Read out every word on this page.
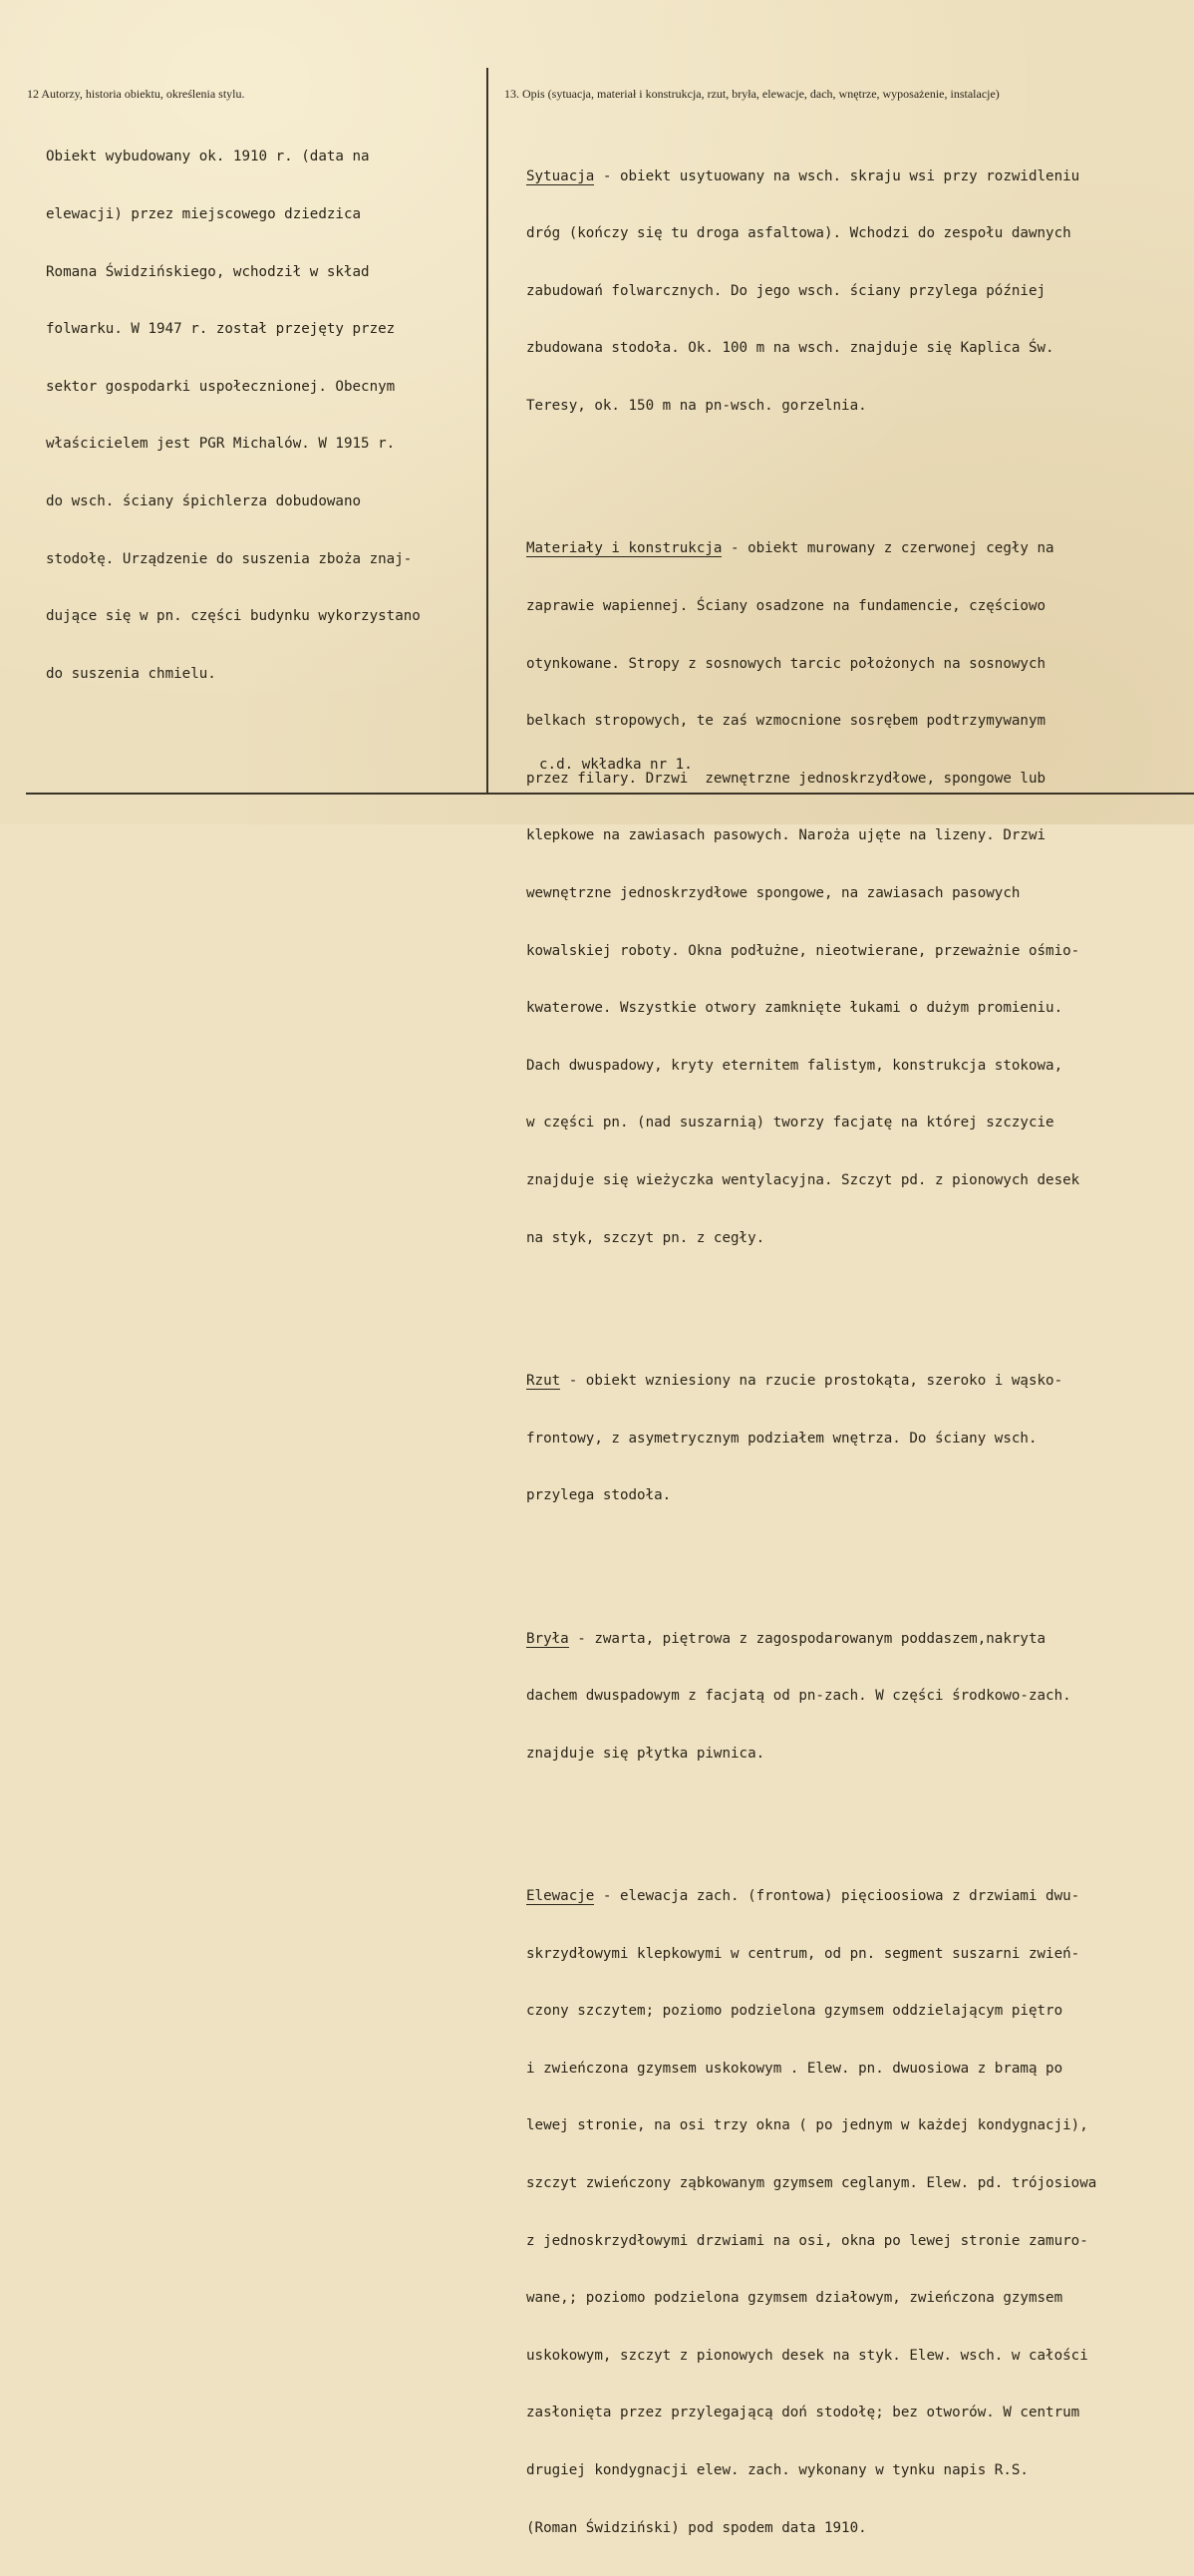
12 Autorzy, historia obiektu, określenia stylu.	13. Opis (sytuacja, materiał i konstrukcja, rzut, bryła, elewacje, dach, wnętrze, wyposażenie, instalacje)

Obiekt wybudowany ok. 1910 r. (data na

elewacji) przez miejscowego dziedzica

Romana Świdzińskiego, wchodził w skład

folwarku. W 1947 r. został przejęty przez

sektor gospodarki uspołecznionej. Obecnym

właścicielem jest PGR Michalów. W 1915 r.

do wsch. ściany śpichlerza dobudowano

stodołę. Urządzenie do suszenia zboża znaj-

dujące się w pn. części budynku wykorzystano

do suszenia chmielu.

Sytuacja - obiekt usytuowany na wsch. skraju wsi przy rozwidleniu

dróg (kończy się tu droga asfaltowa). Wchodzi do zespołu dawnych

zabudowań folwarcznych. Do jego wsch. ściany przylega później

zbudowana stodoła. Ok. 100 m na wsch. znajduje się Kaplica Św.

Teresy, ok. 150 m na pn-wsch. gorzelnia.

Materiały i konstrukcja - obiekt murowany z czerwonej cegły na

zaprawie wapiennej. Ściany osadzone na fundamencie, częściowo

otynkowane. Stropy z sosnowych tarcic położonych na sosnowych

belkach stropowych, te zaś wzmocnione sosrębem podtrzymywanym

przez filary. Drzwi  zewnętrzne jednoskrzydłowe, spongowe lub

klepkowe na zawiasach pasowych. Naroża ujęte na lizeny. Drzwi

wewnętrzne jednoskrzydłowe spongowe, na zawiasach pasowych

kowalskiej roboty. Okna podłużne, nieotwierane, przeważnie ośmio-

kwaterowe. Wszystkie otwory zamknięte łukami o dużym promieniu.

Dach dwuspadowy, kryty eternitem falistym, konstrukcja stokowa,

w części pn. (nad suszarnią) tworzy facjatę na której szczycie

znajduje się wieżyczka wentylacyjna. Szczyt pd. z pionowych desek

na styk, szczyt pn. z cegły.

Rzut - obiekt wzniesiony na rzucie prostokąta, szeroko i wąsko-

frontowy, z asymetrycznym podziałem wnętrza. Do ściany wsch.

przylega stodoła.

Bryła - zwarta, piętrowa z zagospodarowanym poddaszem,nakryta

dachem dwuspadowym z facjatą od pn-zach. W części środkowo-zach.

znajduje się płytka piwnica.

Elewacje - elewacja zach. (frontowa) pięcioosiowa z drzwiami dwu-

skrzydłowymi klepkowymi w centrum, od pn. segment suszarni zwień-

czony szczytem; poziomo podzielona gzymsem oddzielającym piętro

i zwieńczona gzymsem uskokowym . Elew. pn. dwuosiowa z bramą po

lewej stronie, na osi trzy okna ( po jednym w każdej kondygnacji),

szczyt zwieńczony ząbkowanym gzymsem ceglanym. Elew. pd. trójosiowa

z jednoskrzydłowymi drzwiami na osi, okna po lewej stronie zamuro-

wane,; poziomo podzielona gzymsem działowym, zwieńczona gzymsem

uskokowym, szczyt z pionowych desek na styk. Elew. wsch. w całości

zasłonięta przez przylegającą doń stodołę; bez otworów. W centrum

drugiej kondygnacji elew. zach. wykonany w tynku napis R.S.

(Roman Świdziński) pod spodem data 1910.

c.d. wkładka nr 1.
